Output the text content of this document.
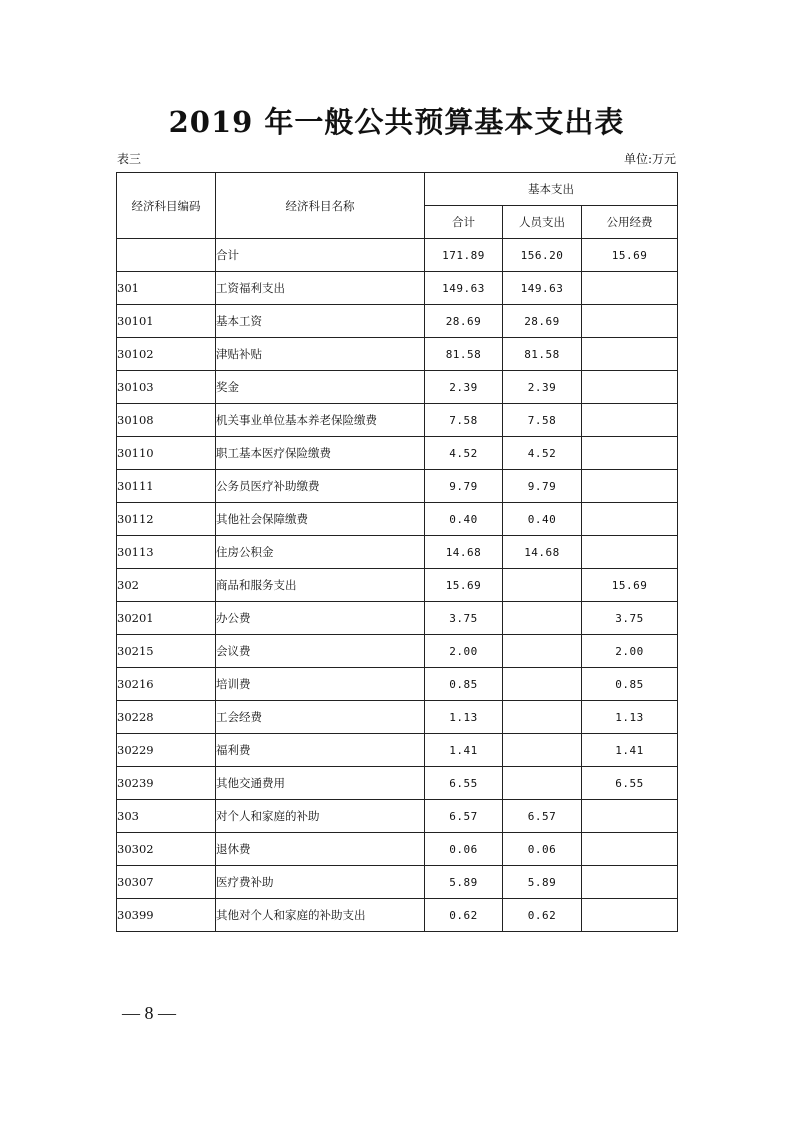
2019 年一般公共预算基本支出表
表三	单位:万元
经济科目编码	经济科目名称	基本支出		
		合计	人员支出	公用经费
	合计	171.89	156.20	15.69
301	工资福利支出	149.63	149.63	
30101	基本工资	28.69	28.69	
30102	津贴补贴	81.58	81.58	
30103	奖金	2.39	2.39	
30108	机关事业单位基本养老保险缴费	7.58	7.58	
30110	职工基本医疗保险缴费	4.52	4.52	
30111	公务员医疗补助缴费	9.79	9.79	
30112	其他社会保障缴费	0.40	0.40	
30113	住房公积金	14.68	14.68	
302	商品和服务支出	15.69		15.69
30201	办公费	3.75		3.75
30215	会议费	2.00		2.00
30216	培训费	0.85		0.85
30228	工会经费	1.13		1.13
30229	福利费	1.41		1.41
30239	其他交通费用	6.55		6.55
303	对个人和家庭的补助	6.57	6.57	
30302	退休费	0.06	0.06	
30307	医疗费补助	5.89	5.89	
30399	其他对个人和家庭的补助支出	0.62	0.62	
— 8 —
